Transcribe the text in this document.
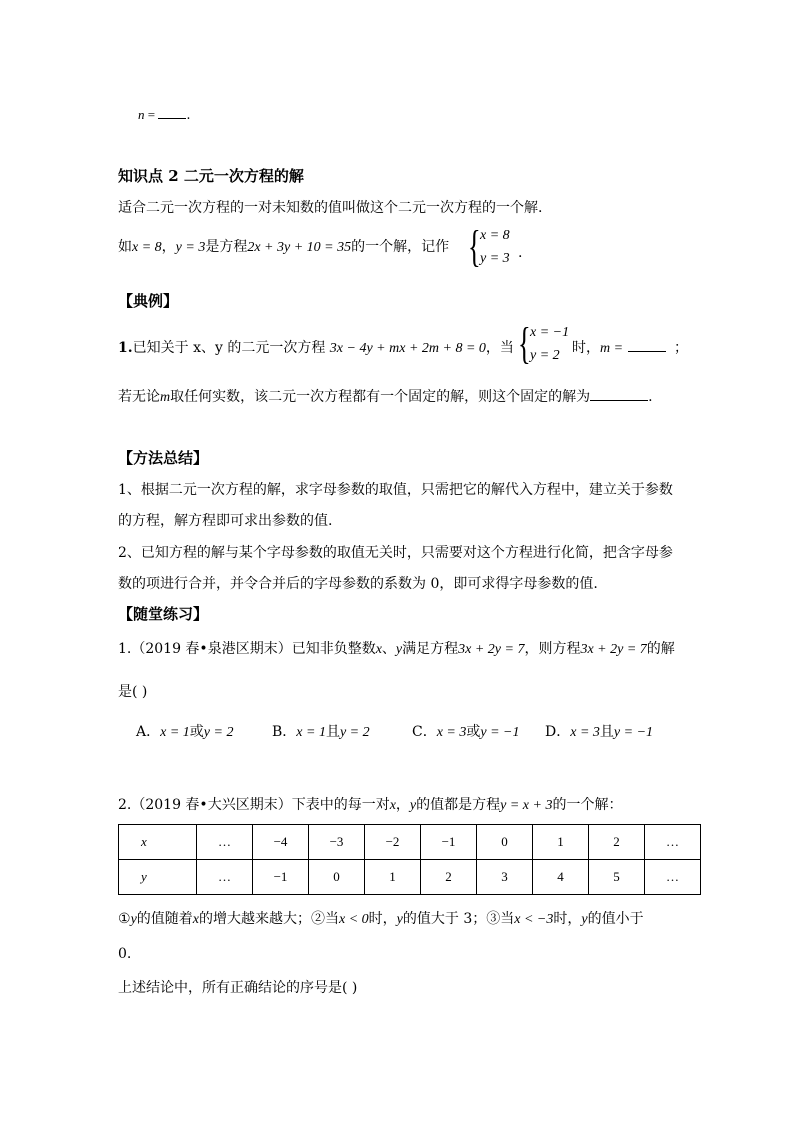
n = .
知识点 2 二元一次方程的解
适合二元一次方程的一对未知数的值叫做这个二元一次方程的一个解.
如x = 8，y = 3是方程2x + 3y + 10 = 35的一个解，记作 { x = 8
y = 3 .
【典例】
1.已知关于 x、y 的二元一次方程 3x − 4y + mx + 2m + 8 = 0，当 { x = −1
y = 2 时，m =	；
若无论m取任何实数，该二元一次方程都有一个固定的解，则这个固定的解为	.
【方法总结】
1、根据二元一次方程的解，求字母参数的取值，只需把它的解代入方程中，建立关于参数
的方程，解方程即可求出参数的值.
2、已知方程的解与某个字母参数的取值无关时，只需要对这个方程进行化简，把含字母参
数的项进行合并，并令合并后的字母参数的系数为 0，即可求得字母参数的值.
【随堂练习】
1.（2019 春•泉港区期末）已知非负整数x、y满足方程3x + 2y = 7，则方程3x + 2y = 7的解
是( )
A．x = 1或y = 2	B．x = 1且y = 2	C．x = 3或y = −1 D．x = 3且y = −1
2.（2019 春•大兴区期末）下表中的每一对x，y的值都是方程y = x + 3的一个解：
x	…	−4	−3	−2	−1	0	1	2	…
y	…	−1	0	1	2	3	4	5	…
①y的值随着x的增大越来越大；②当x < 0时，y的值大于 3；③当x < −3时，y的值小于
0.
上述结论中，所有正确结论的序号是( )
